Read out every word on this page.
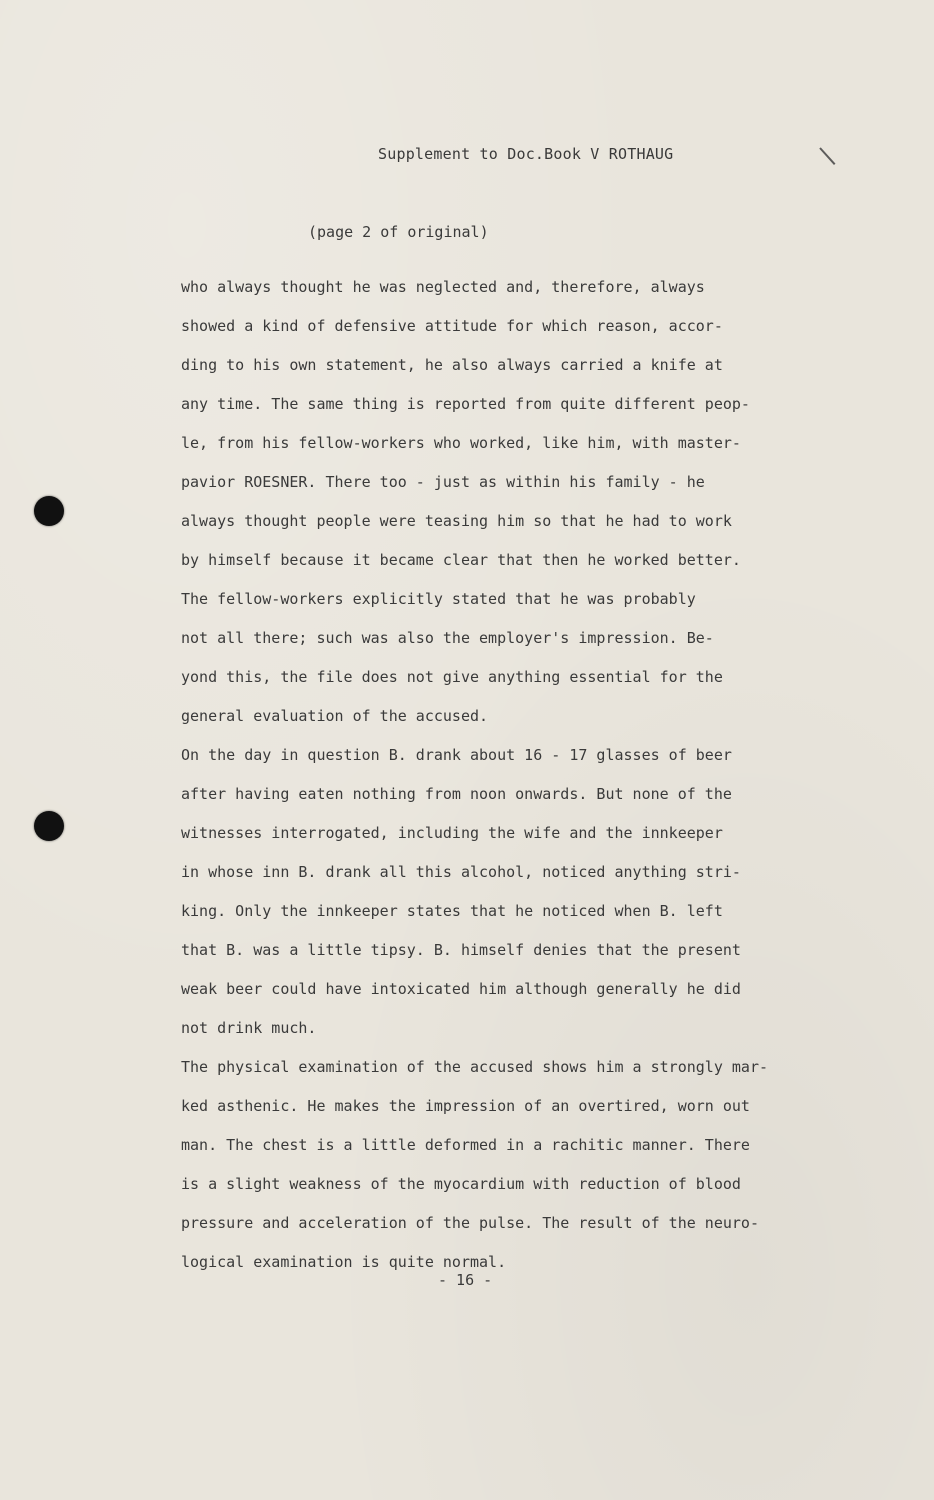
Supplement to Doc.Book V ROTHAUG
(page 2 of original)
who always thought he was neglected and, therefore, always
showed a kind of defensive attitude for which reason, accor-
ding to his own statement, he also always carried a knife at
any time. The same thing is reported from quite different peop-
le, from his fellow-workers who worked, like him, with master-
pavior ROESNER. There too - just as within his family - he
always thought people were teasing him so that he had to work
by himself because it became clear that then he worked better.
The fellow-workers explicitly stated that he was probably
not all there; such was also the employer's impression. Be-
yond this, the file does not give anything essential for the
general evaluation of the accused.
On the day in question B. drank about 16 - 17 glasses of beer
after having eaten nothing from noon onwards. But none of the
witnesses interrogated, including the wife and the innkeeper
in whose inn B. drank all this alcohol, noticed anything stri-
king. Only the innkeeper states that he noticed when B. left
that B. was a little tipsy. B. himself denies that the present
weak beer could have intoxicated him although generally he did
not drink much.
The physical examination of the accused shows him a strongly mar-
ked asthenic. He makes the impression of an overtired, worn out
man. The chest is a little deformed in a rachitic manner. There
is a slight weakness of the myocardium with reduction of blood
pressure and acceleration of the pulse. The result of the neuro-
logical examination is quite normal.
- 16 -
